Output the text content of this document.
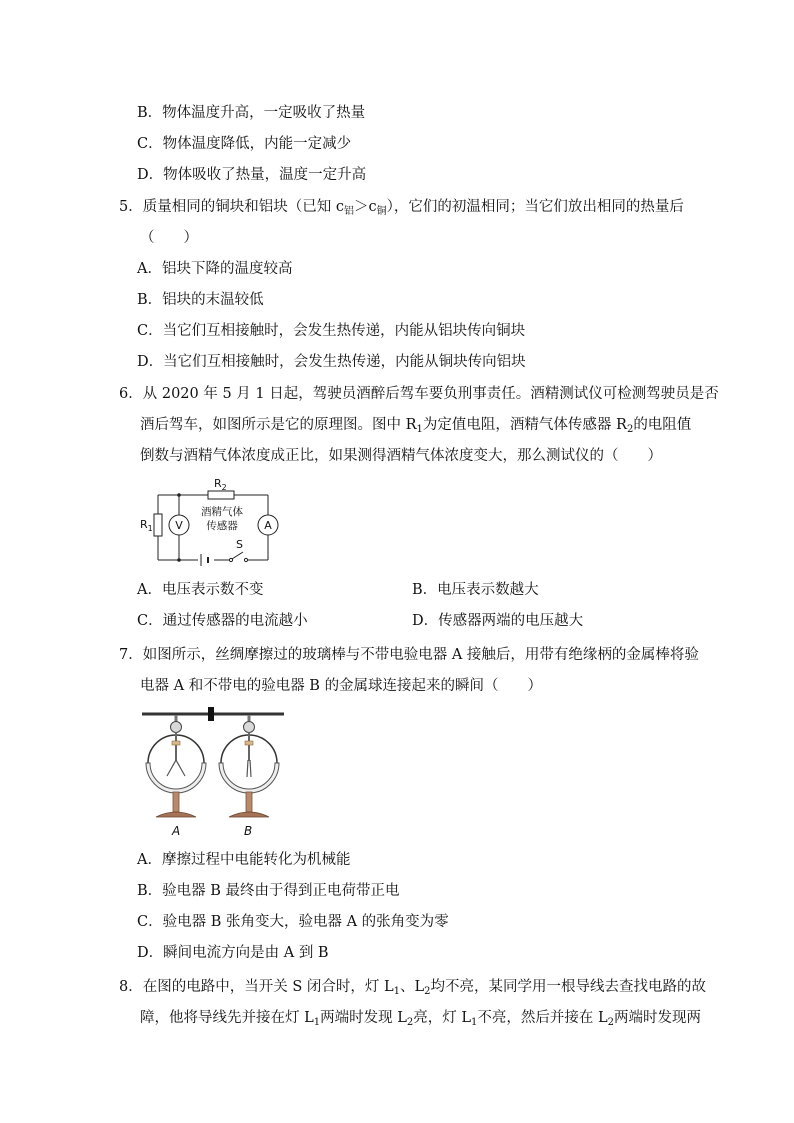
B．物体温度升高，一定吸收了热量
C．物体温度降低，内能一定减少
D．物体吸收了热量，温度一定升高
5．质量相同的铜块和铝块（已知 $c_铝>c_铜$），它们的初温相同；当它们放出相同的热量后
（　　）
A．铝块下降的温度较高
B．铝块的末温较低
C．当它们互相接触时，会发生热传递，内能从铝块传向铜块
D．当它们互相接触时，会发生热传递，内能从铜块传向铝块
6．从 2020 年 5 月 1 日起，驾驶员酒醉后驾车要负刑事责任。酒精测试仪可检测驾驶员是否
酒后驾车，如图所示是它的原理图。图中 $R_1$为定值电阻，酒精气体传感器 $R_2$的电阻值
倒数与酒精气体浓度成正比，如果测得酒精气体浓度变大，那么测试仪的（　　）
$R_2$
$R_1$ V	A
酒精气体
传感器
S
A．电压表示数不变	B．电压表示数越大
C．通过传感器的电流越小	D．传感器两端的电压越大
7．如图所示，丝绸摩擦过的玻璃棒与不带电验电器 A 接触后，用带有绝缘柄的金属棒将验
电器 A 和不带电的验电器 B 的金属球连接起来的瞬间（　　）
A	B
A．摩擦过程中电能转化为机械能
B．验电器 B 最终由于得到正电荷带正电
C．验电器 B 张角变大，验电器 A 的张角变为零
D．瞬间电流方向是由 A 到 B
8．在图的电路中，当开关 S 闭合时，灯 $L_1$、$L_2$均不亮，某同学用一根导线去查找电路的故
障，他将导线先并接在灯 $L_1$两端时发现 $L_2$亮，灯 $L_1$不亮，然后并接在 $L_2$两端时发现两
